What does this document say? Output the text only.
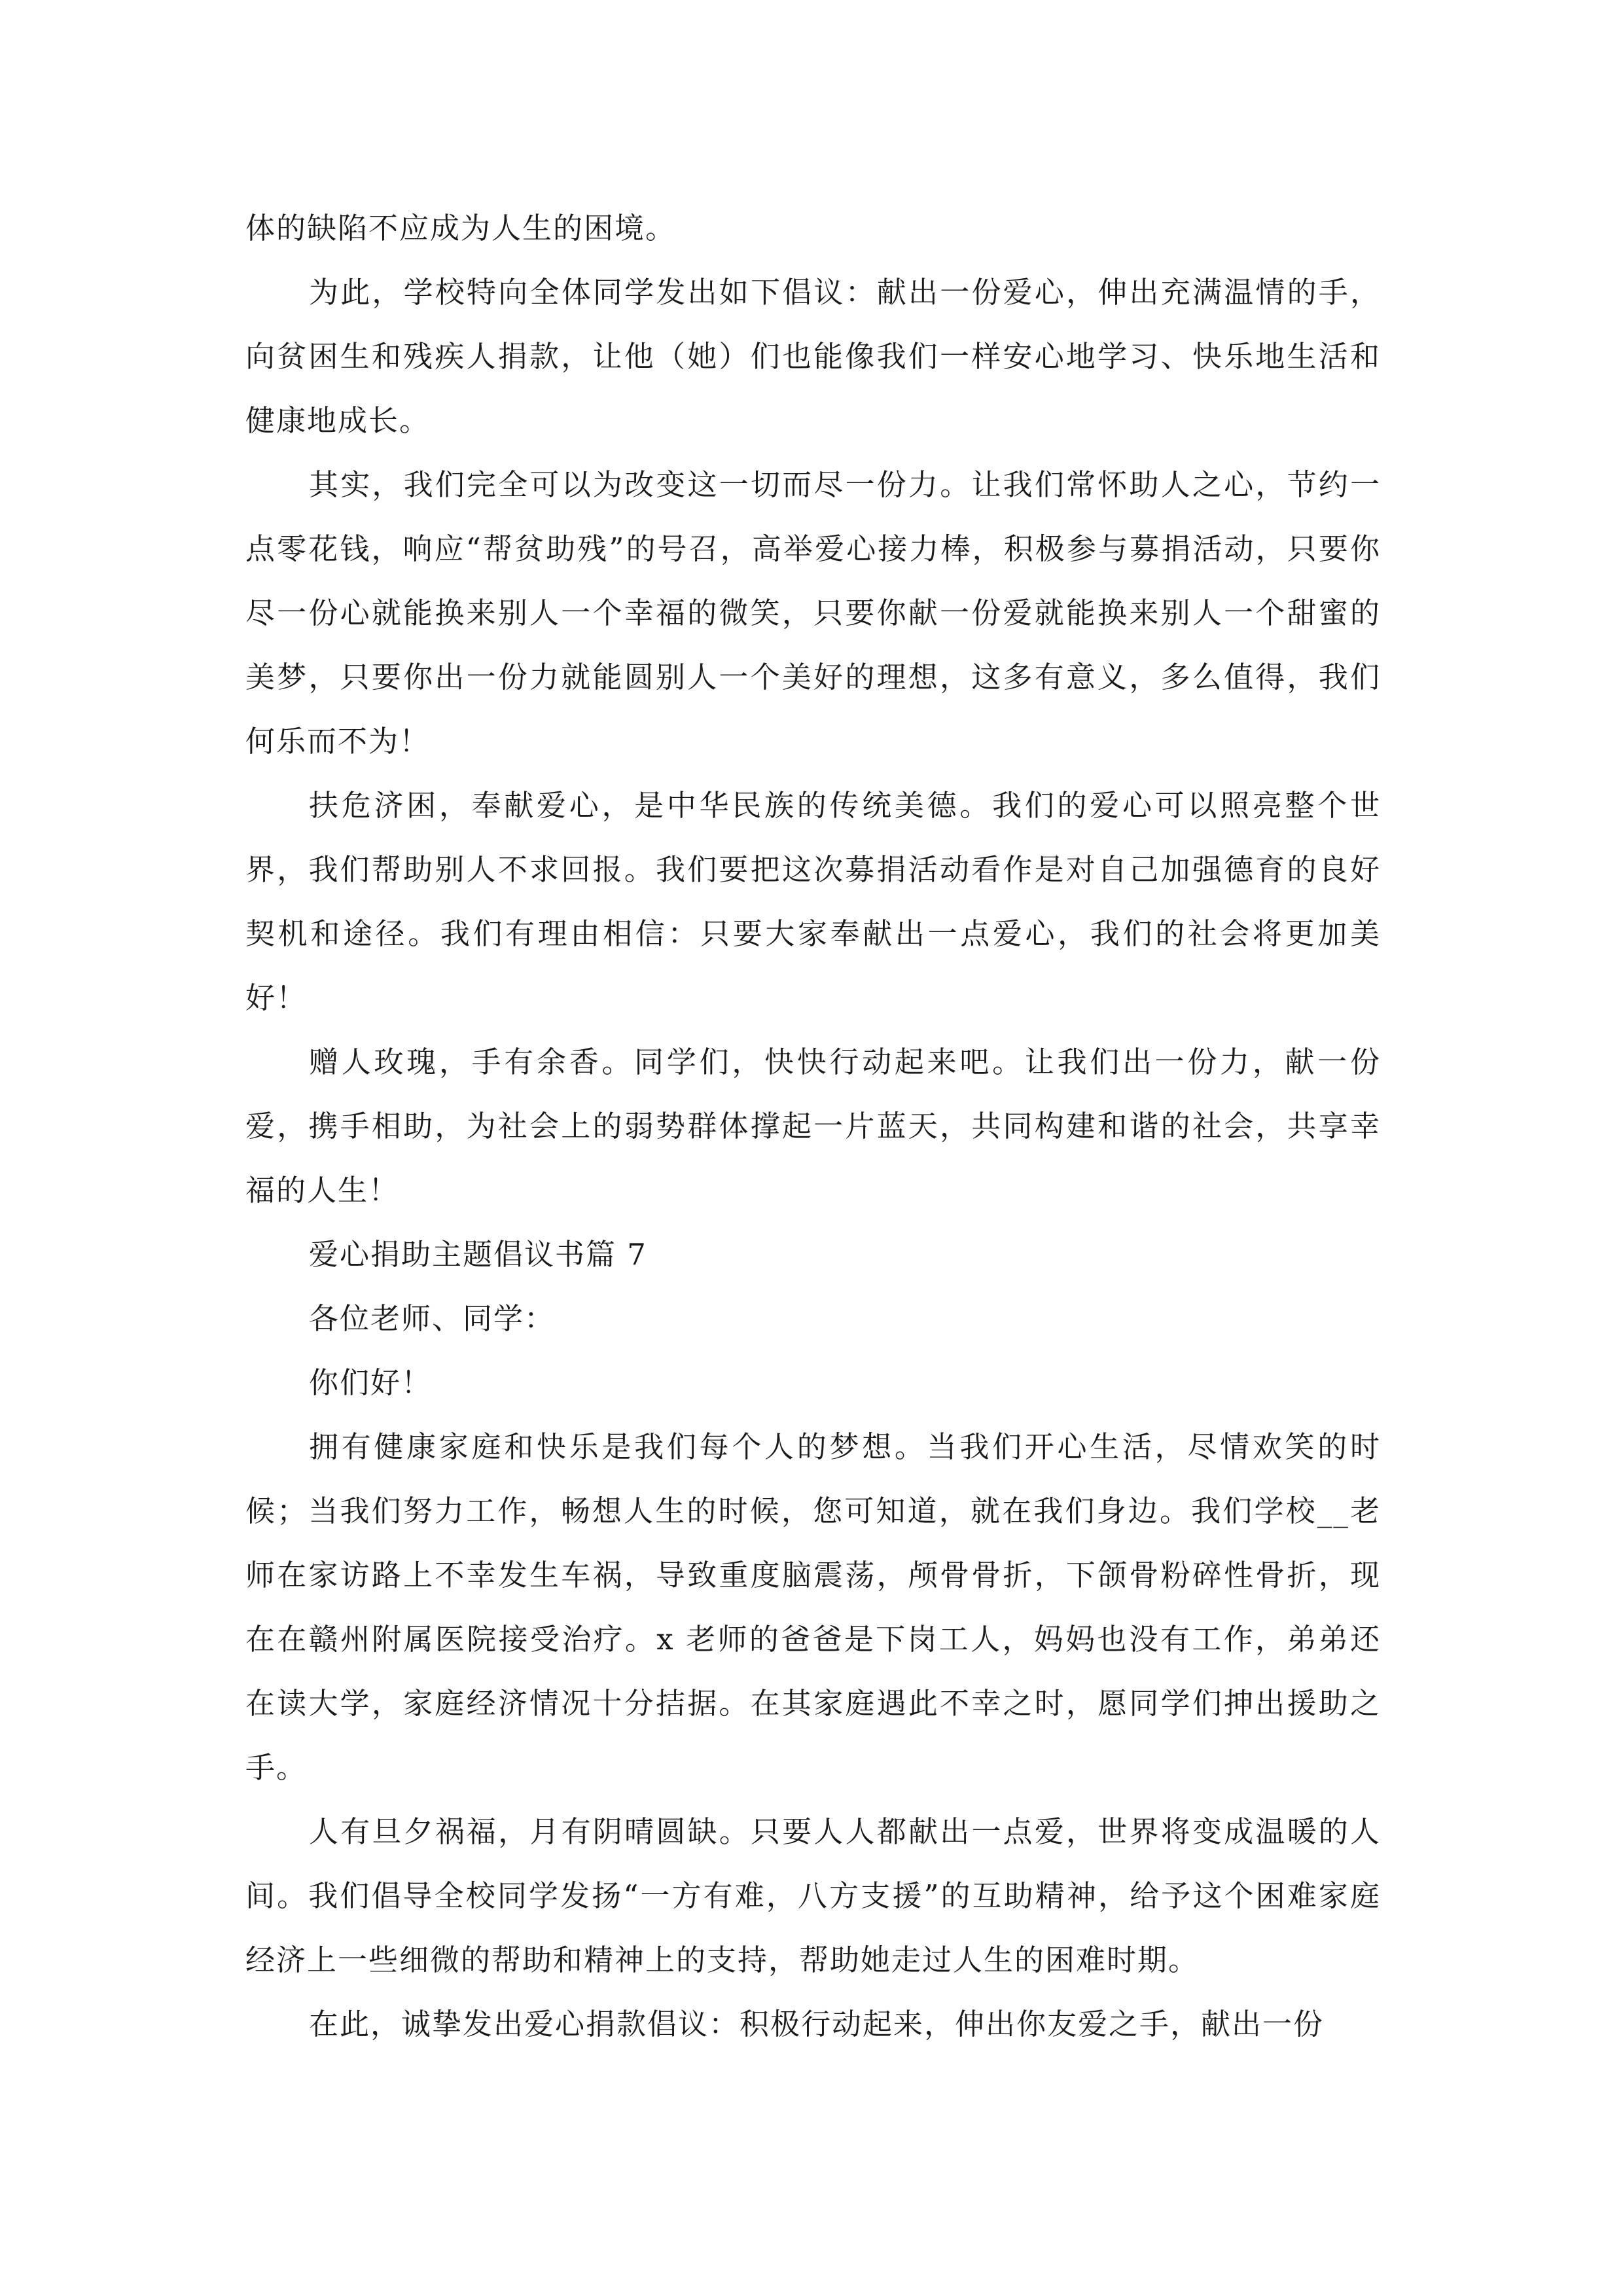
体的缺陷不应成为人生的困境。

为此，学校特向全体同学发出如下倡议：献出一份爱心，伸出充满温情的手，向贫困生和残疾人捐款，让他（她）们也能像我们一样安心地学习、快乐地生活和健康地成长。

其实，我们完全可以为改变这一切而尽一份力。让我们常怀助人之心，节约一点零花钱，响应“帮贫助残”的号召，高举爱心接力棒，积极参与募捐活动，只要你尽一份心就能换来别人一个幸福的微笑，只要你献一份爱就能换来别人一个甜蜜的美梦，只要你出一份力就能圆别人一个美好的理想，这多有意义，多么值得，我们何乐而不为！

扶危济困，奉献爱心，是中华民族的传统美德。我们的爱心可以照亮整个世界，我们帮助别人不求回报。我们要把这次募捐活动看作是对自己加强德育的良好契机和途径。我们有理由相信：只要大家奉献出一点爱心，我们的社会将更加美好！

赠人玫瑰，手有余香。同学们，快快行动起来吧。让我们出一份力，献一份爱，携手相助，为社会上的弱势群体撑起一片蓝天，共同构建和谐的社会，共享幸福的人生！

爱心捐助主题倡议书篇 7

各位老师、同学：

你们好！

拥有健康家庭和快乐是我们每个人的梦想。当我们开心生活，尽情欢笑的时候；当我们努力工作，畅想人生的时候，您可知道，就在我们身边。我们学校__老师在家访路上不幸发生车祸，导致重度脑震荡，颅骨骨折，下颌骨粉碎性骨折，现在在赣州附属医院接受治疗。x 老师的爸爸是下岗工人，妈妈也没有工作，弟弟还在读大学，家庭经济情况十分拮据。在其家庭遇此不幸之时，愿同学们抻出援助之手。

人有旦夕祸福，月有阴晴圆缺。只要人人都献出一点爱，世界将变成温暖的人间。我们倡导全校同学发扬“一方有难，八方支援”的互助精神，给予这个困难家庭经济上一些细微的帮助和精神上的支持，帮助她走过人生的困难时期。

在此，诚挚发出爱心捐款倡议：积极行动起来，伸出你友爱之手，献出一份
